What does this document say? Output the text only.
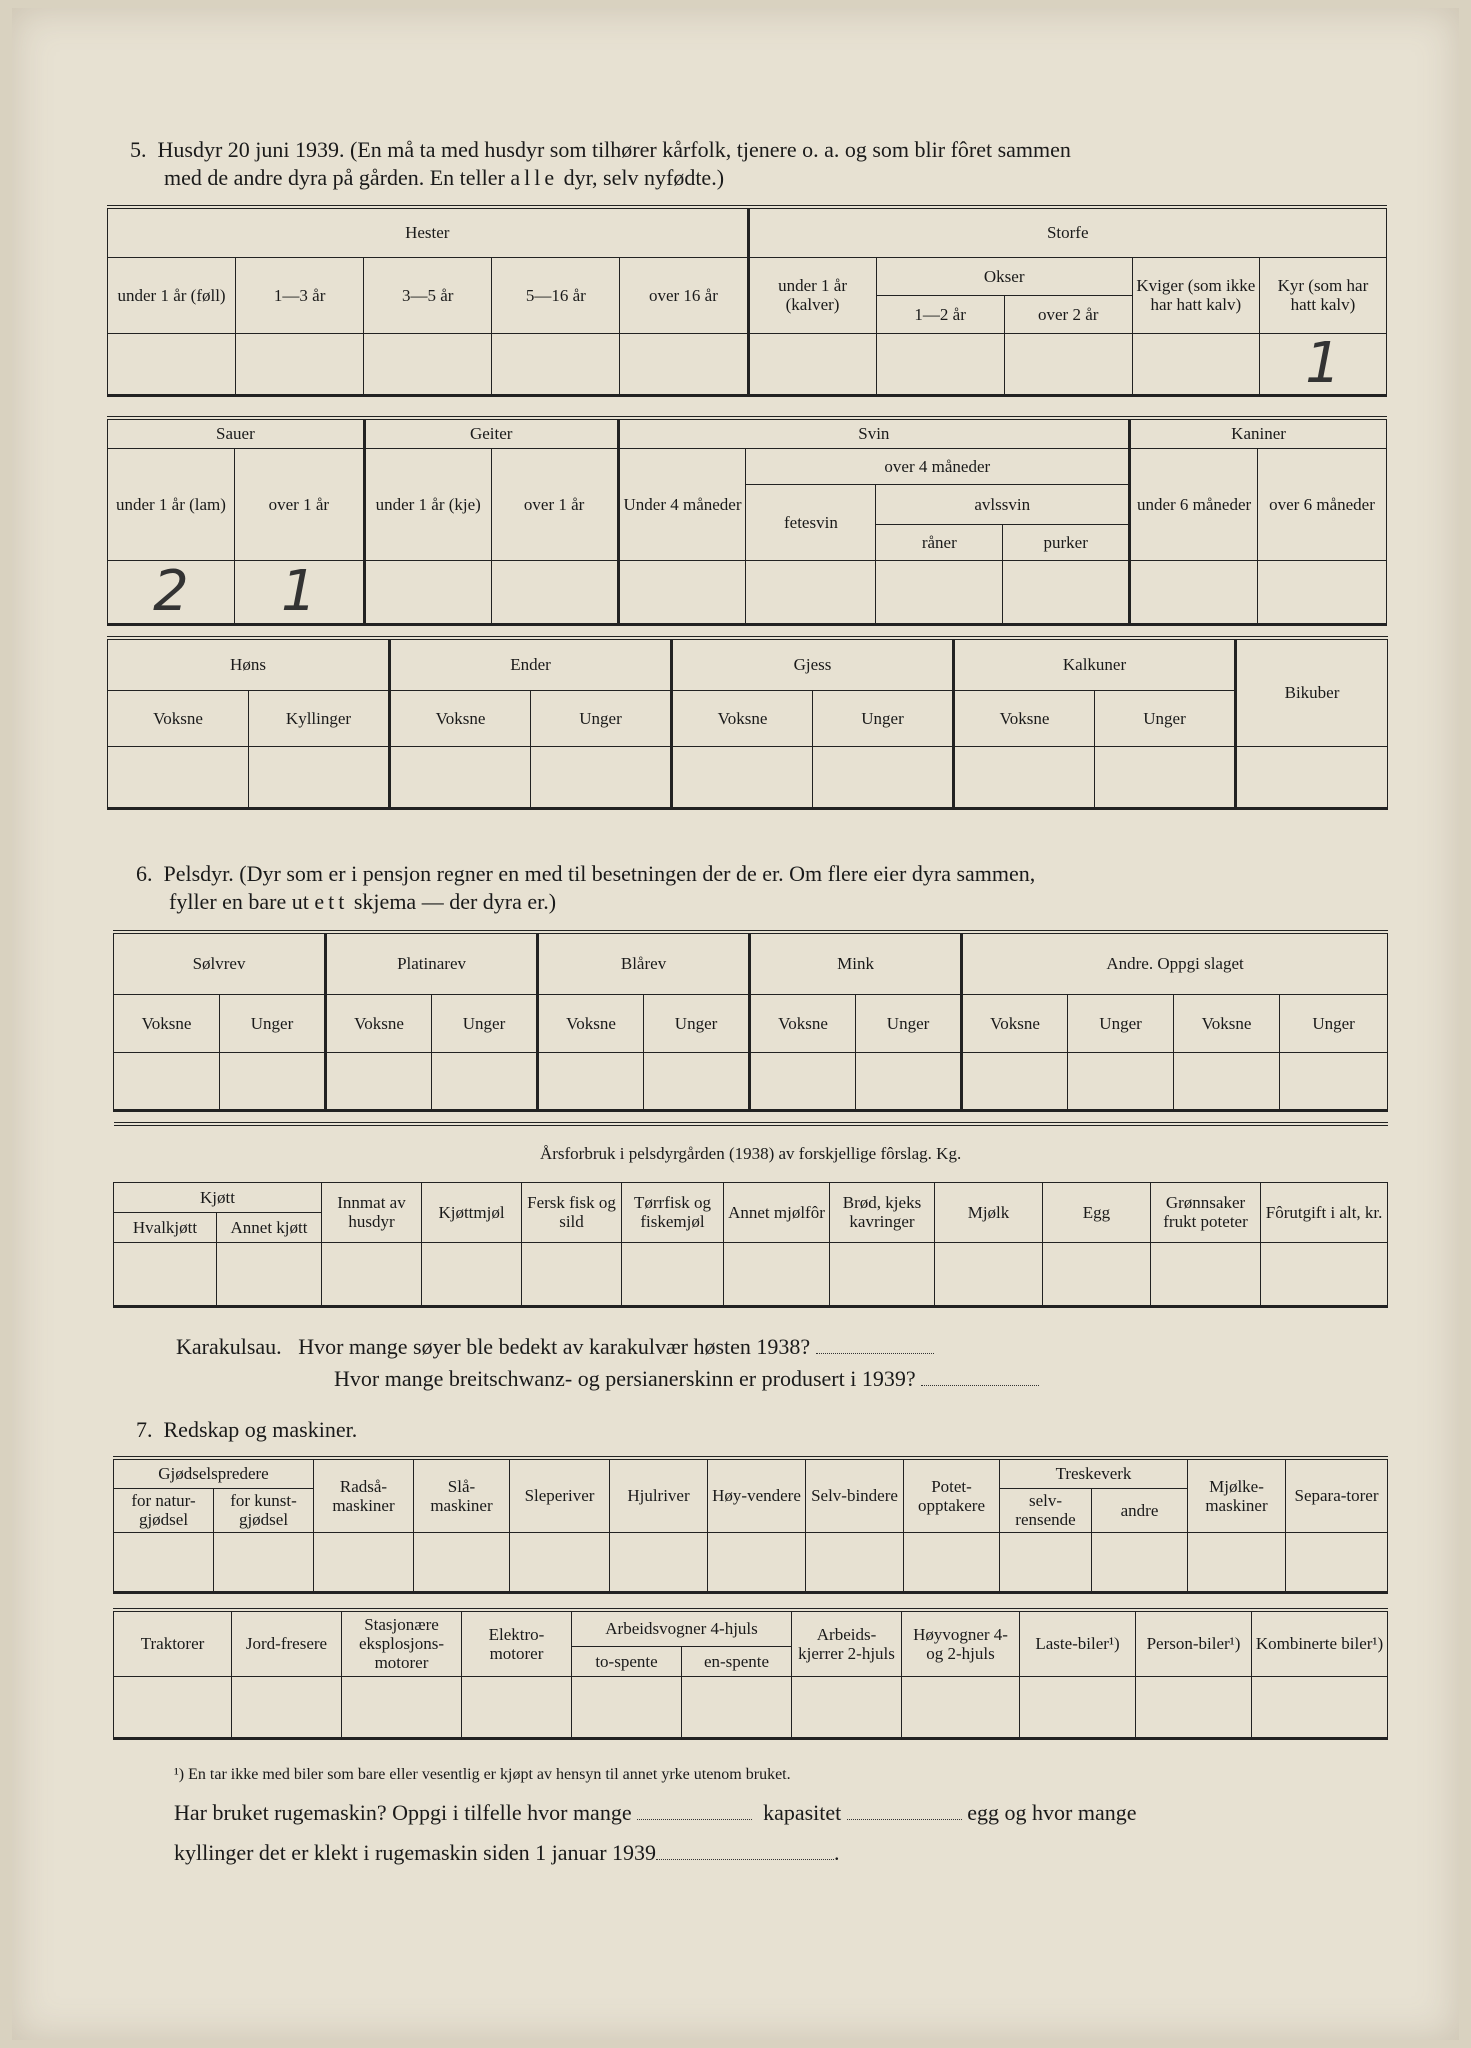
5. Husdyr 20 juni 1939. (En må ta med husdyr som tilhører kårfolk, tjenere o. a. og som blir fôret sammen
med de andre dyra på gården. En teller alle dyr, selv nyfødte.)
Hester					Storfe				
under 1 år (føll)	1—3 år	3—5 år	5—16 år	over 16 år	under 1 år (kalver)	Okser		Kviger (som ikke har hatt kalv)	Kyr (som har hatt kalv)
						1—2 år	over 2 år		
									1
Sauer		Geiter		Svin				Kaniner	
under 1 år (lam)	over 1 år	under 1 år (kje)	over 1 år	Under 4 måneder	over 4 måneder			under 6 måneder	over 6 måneder
					fetesvin	avlssvin			
						råner	purker		
2	1								
Høns		Ender		Gjess		Kalkuner		Bikuber
Voksne	Kyllinger	Voksne	Unger	Voksne	Unger	Voksne	Unger	

6. Pelsdyr. (Dyr som er i pensjon regner en med til besetningen der de er. Om flere eier dyra sammen,
fyller en bare ut ett skjema — der dyra er.)
Sølvrev		Platinarev		Blårev		Mink		Andre. Oppgi slaget			
Voksne	Unger	Voksne	Unger	Voksne	Unger	Voksne	Unger	Voksne	Unger	Voksne	Unger

Årsforbruk i pelsdyrgården (1938) av forskjellige fôrslag. Kg.											
Kjøtt		Innmat av husdyr	Kjøttmjøl	Fersk fisk og sild	Tørrfisk og fiskemjøl	Annet mjølfôr	Brød, kjeks kavringer	Mjølk	Egg	Grønnsaker frukt poteter	Fôrutgift i alt, kr.
Hvalkjøtt	Annet kjøtt										

Karakulsau. Hvor mange søyer ble bedekt av karakulvær høsten 1938?
Hvor mange breitschwanz- og persianerskinn er produsert i 1939?
7. Redskap og maskiner.
Gjødselspredere		Radså-maskiner	Slå-maskiner	Sleperiver	Hjulriver	Høy-vendere	Selv-bindere	Potet-opptakere	Treskeverk		Mjølke-maskiner	Separa-torer
for natur-gjødsel	for kunst-gjødsel								selv-rensende	andre		

Traktorer	Jord-freserе	Stasjonære eksplosjons-motorer	Elektro-motorer	Arbeidsvogner 4-hjuls		Arbeids-kjerrer 2-hjuls	Høyvogner 4- og 2-hjuls	Laste-biler¹)	Person-biler¹)	Kombinerte biler¹)
				to-spente	en-spente					

¹) En tar ikke med biler som bare eller vesentlig er kjøpt av hensyn til annet yrke utenom bruket.
Har bruket rugemaskin? Oppgi i tilfelle hvor mange	kapasitet	egg og hvor mange
kyllinger det er klekt i rugemaskin siden 1 januar 1939	.
